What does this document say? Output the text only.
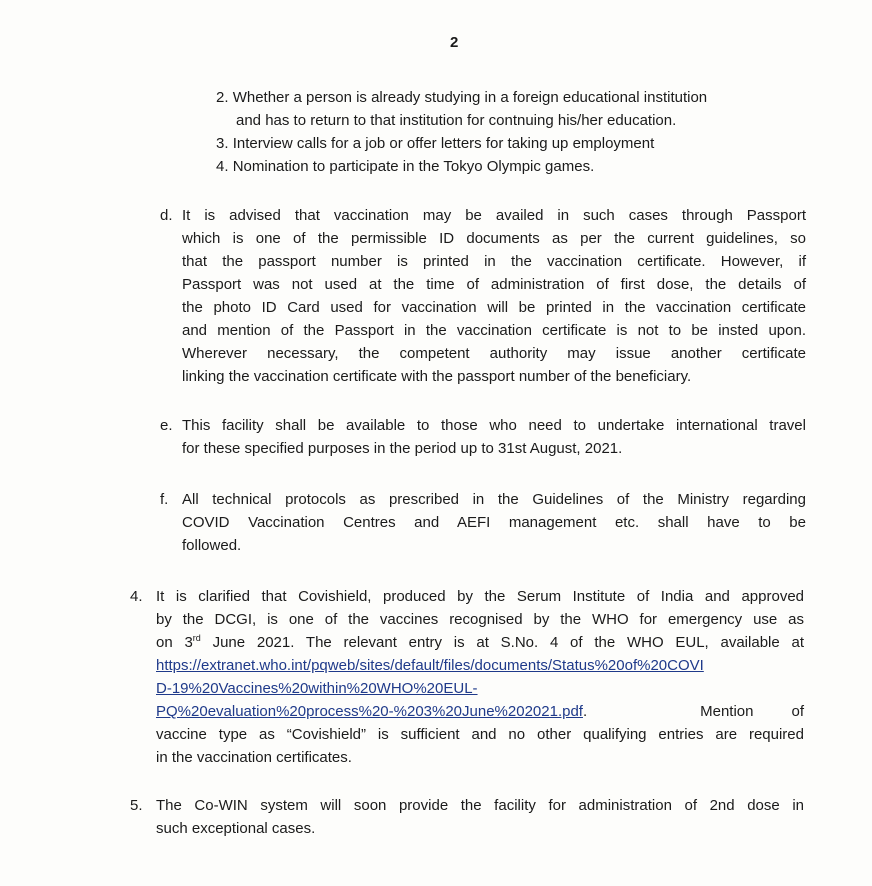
2
2. Whether a person is already studying in a foreign educational institution
and has to return to that institution for contnuing his/her education.
3. Interview calls for a job or offer letters for taking up employment
4. Nomination to participate in the Tokyo Olympic games.
d. It is advised that vaccination may be availed in such cases through Passport
which is one of the permissible ID documents as per the current guidelines, so
that the passport number is printed in the vaccination certificate. However, if
Passport was not used at the time of administration of first dose, the details of
the photo ID Card used for vaccination will be printed in the vaccination certificate
and mention of the Passport in the vaccination certificate is not to be insted upon.
Wherever necessary, the competent authority may issue another certificate
linking the vaccination certificate with the passport number of the beneficiary.
e. This facility shall be available to those who need to undertake international travel
for these specified purposes in the period up to 31st August, 2021.
f. All technical protocols as prescribed in the Guidelines of the Ministry regarding
COVID Vaccination Centres and AEFI management etc. shall have to be
followed.
4. It is clarified that Covishield, produced by the Serum Institute of India and approved
by the DCGI, is one of the vaccines recognised by the WHO for emergency use as
on 3rd June 2021. The relevant entry is at S.No. 4 of the WHO EUL, available at
https://extranet.who.int/pqweb/sites/default/files/documents/Status%20of%20COVI
D-19%20Vaccines%20within%20WHO%20EUL-
PQ%20evaluation%20process%20-%203%20June%202021.pdf.	Mention	of
vaccine type as “Covishield” is sufficient and no other qualifying entries are required
in the vaccination certificates.
5. The Co-WIN system will soon provide the facility for administration of 2nd dose in
such exceptional cases.
